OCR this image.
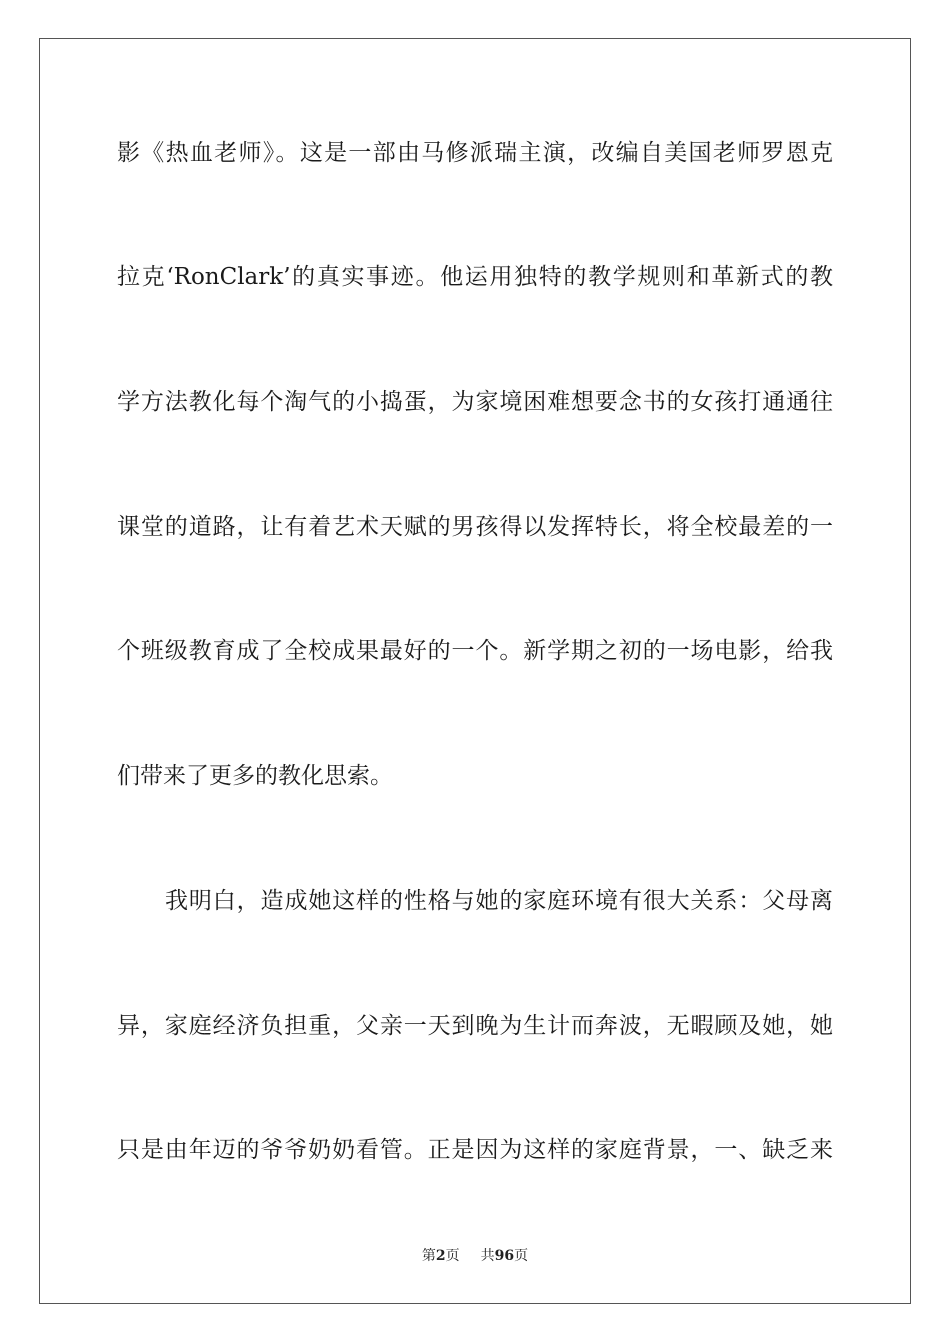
影《热血老师》。这是一部由马修派瑞主演，改编自美国老师罗恩克
拉克‘RonClark’的真实事迹。他运用独特的教学规则和革新式的教
学方法教化每个淘气的小捣蛋，为家境困难想要念书的女孩打通通往
课堂的道路，让有着艺术天赋的男孩得以发挥特长，将全校最差的一
个班级教育成了全校成果最好的一个。新学期之初的一场电影，给我
们带来了更多的教化思索。
我明白，造成她这样的性格与她的家庭环境有很大关系：父母离
异，家庭经济负担重，父亲一天到晚为生计而奔波，无暇顾及她，她
只是由年迈的爷爷奶奶看管。正是因为这样的家庭背景，一、缺乏来
第2页 共96页
